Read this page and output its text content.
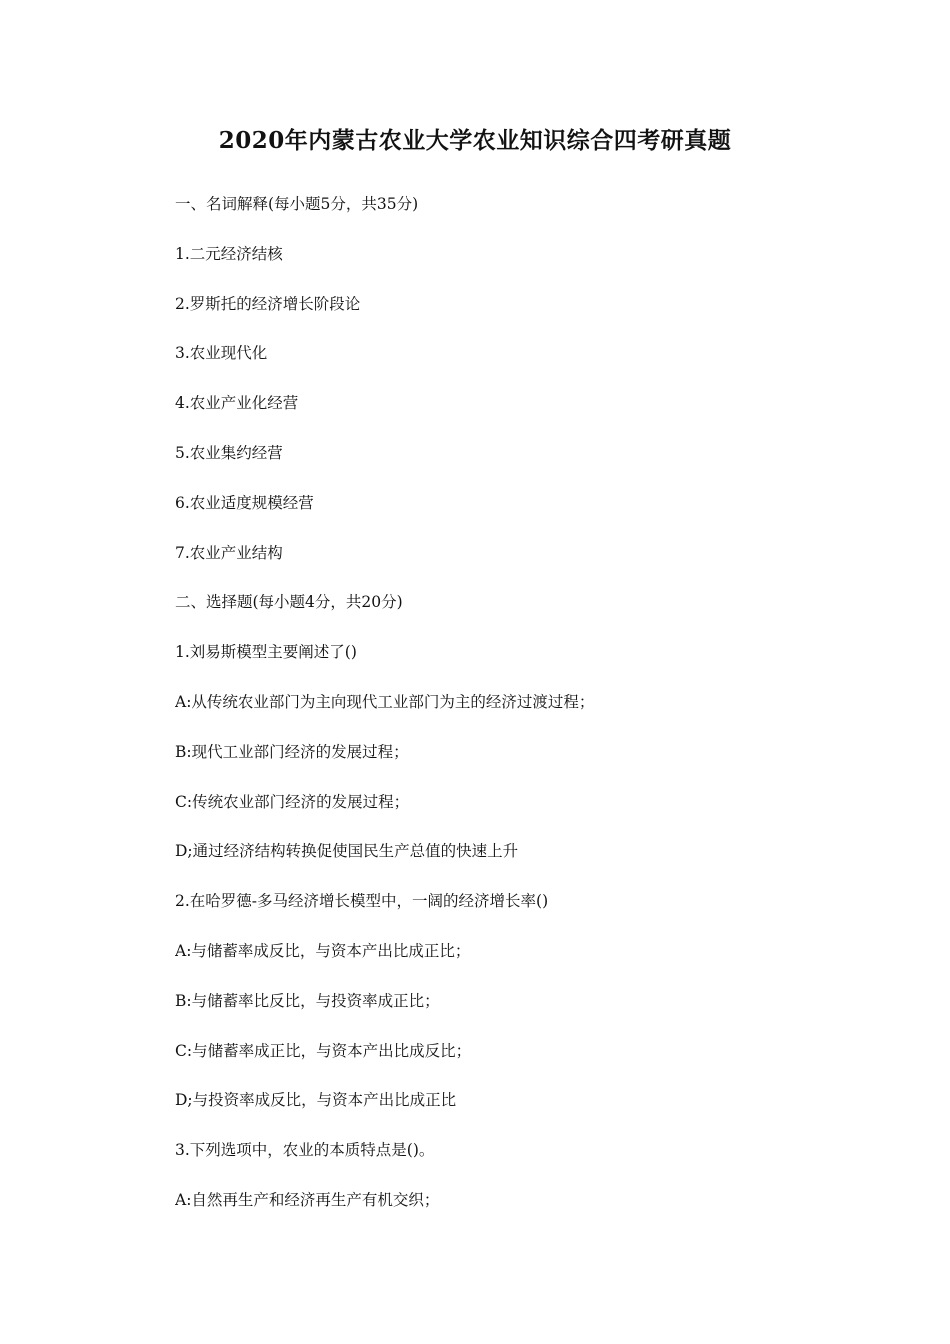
2020年内蒙古农业大学农业知识综合四考研真题
一、名词解释(每小题5分，共35分)
1.二元经济结核
2.罗斯托的经济增长阶段论
3.农业现代化
4.农业产业化经营
5.农业集约经营
6.农业适度规模经营
7.农业产业结构
二、选择题(每小题4分，共20分)
1.刘易斯模型主要阐述了()
A:从传统农业部门为主向现代工业部门为主的经济过渡过程；
B:现代工业部门经济的发展过程；
C:传统农业部门经济的发展过程；
D;通过经济结构转换促使国民生产总值的快速上升
2.在哈罗德-多马经济增长模型中，一阔的经济增长率()
A:与储蓄率成反比，与资本产出比成正比；
B:与储蓄率比反比，与投资率成正比；
C:与储蓄率成正比，与资本产出比成反比；
D;与投资率成反比，与资本产出比成正比
3.下列选项中，农业的本质特点是()。
A:自然再生产和经济再生产有机交织；
